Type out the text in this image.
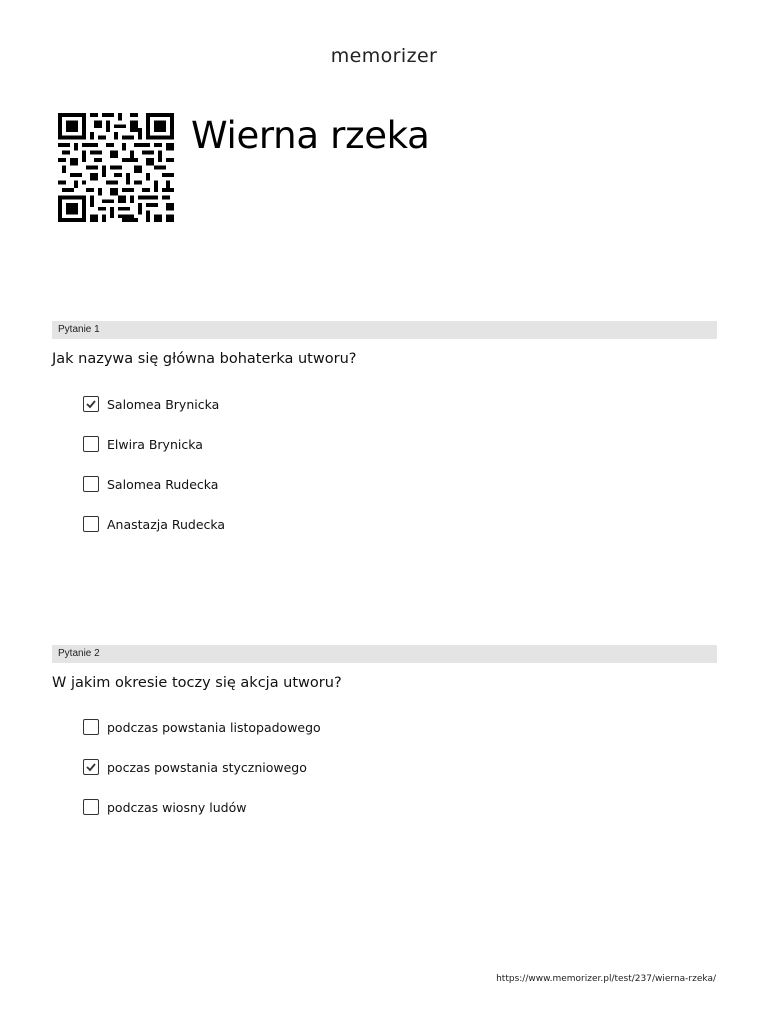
memorizer
Wierna rzeka
Pytanie 1
Jak nazywa się główna bohaterka utworu?
Salomea Brynicka
Elwira Brynicka
Salomea Rudecka
Anastazja Rudecka
Pytanie 2
W jakim okresie toczy się akcja utworu?
podczas powstania listopadowego
poczas powstania styczniowego
podczas wiosny ludów
https://www.memorizer.pl/test/237/wierna-rzeka/
